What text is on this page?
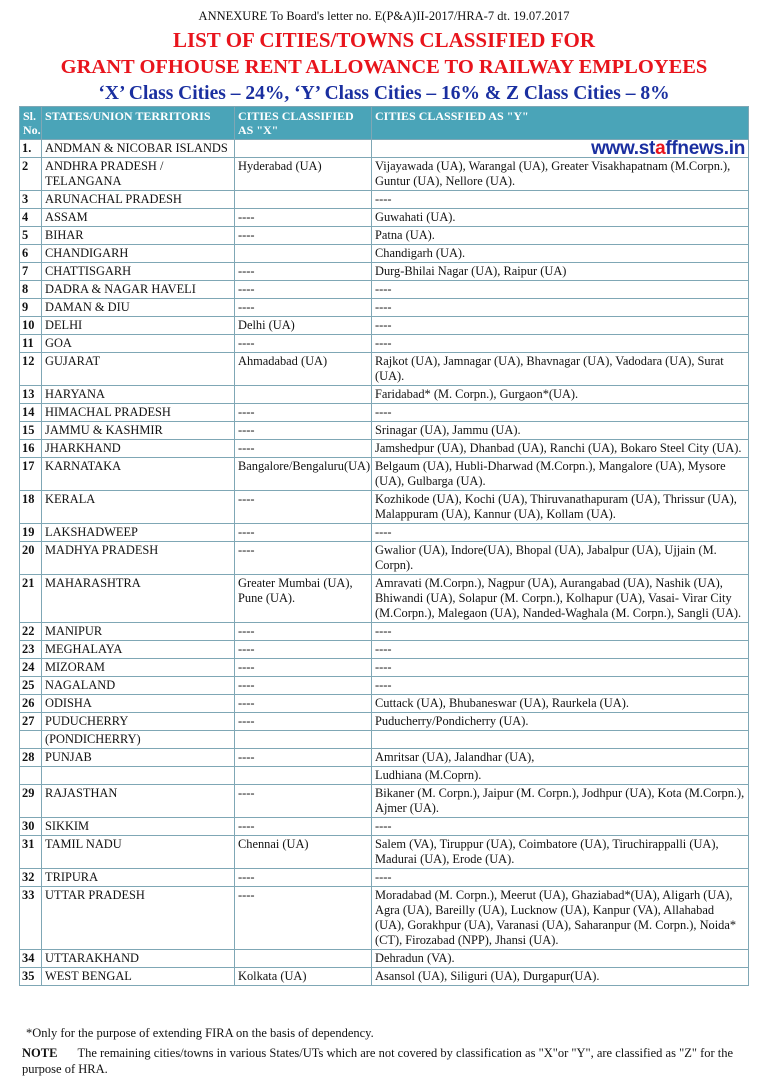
ANNEXURE To Board's letter no. E(P&A)II-2017/HRA-7 dt. 19.07.2017
LIST OF CITIES/TOWNS CLASSIFIED FOR
GRANT OFHOUSE RENT ALLOWANCE TO RAILWAY EMPLOYEES
‘X’ Class Cities – 24%, ‘Y’ Class Cities – 16% & Z Class Cities – 8%
Sl. No.	STATES/UNION TERRITORIS	CITIES CLASSIFIED AS "X"	CITIES CLASSFIED AS "Y"
1.	ANDMAN & NICOBAR ISLANDS		www.staffnews.in
2	ANDHRA PRADESH / TELANGANA	Hyderabad (UA)	Vijayawada (UA), Warangal (UA), Greater Visakhapatnam (M.Corpn.), Guntur (UA), Nellore (UA).
3	ARUNACHAL PRADESH		----
4	ASSAM	----	Guwahati (UA).
5	BIHAR	----	Patna (UA).
6	CHANDIGARH		Chandigarh (UA).
7	CHATTISGARH	----	Durg-Bhilai Nagar (UA), Raipur (UA)
8	DADRA & NAGAR HAVELI	----	----
9	DAMAN & DIU	----	----
10	DELHI	Delhi (UA)	----
11	GOA	----	----
12	GUJARAT	Ahmadabad (UA)	Rajkot (UA), Jamnagar (UA), Bhavnagar (UA), Vadodara (UA), Surat (UA).
13	HARYANA		Faridabad* (M. Corpn.), Gurgaon*(UA).
14	HIMACHAL PRADESH	----	----
15	JAMMU & KASHMIR	----	Srinagar (UA), Jammu (UA).
16	JHARKHAND	----	Jamshedpur (UA), Dhanbad (UA), Ranchi (UA), Bokaro Steel City (UA).
17	KARNATAKA	Bangalore/Bengaluru(UA)	Belgaum (UA), Hubli-Dharwad (M.Corpn.), Mangalore (UA), Mysore (UA), Gulbarga (UA).
18	KERALA	----	Kozhikode (UA), Kochi (UA), Thiruvanathapuram (UA), Thrissur (UA), Malappuram (UA), Kannur (UA), Kollam (UA).
19	LAKSHADWEEP	----	----
20	MADHYA PRADESH	----	Gwalior (UA), Indore(UA), Bhopal (UA), Jabalpur (UA), Ujjain (M. Corpn).
21	MAHARASHTRA	Greater Mumbai (UA), Pune (UA).	Amravati (M.Corpn.), Nagpur (UA), Aurangabad (UA), Nashik (UA), Bhiwandi (UA), Solapur (M. Corpn.), Kolhapur (UA), Vasai- Virar City (M.Corpn.), Malegaon (UA), Nanded-Waghala (M. Corpn.), Sangli (UA).
22	MANIPUR	----	----
23	MEGHALAYA	----	----
24	MIZORAM	----	----
25	NAGALAND	----	----
26	ODISHA	----	Cuttack (UA), Bhubaneswar (UA), Raurkela (UA).
27	PUDUCHERRY	----	Puducherry/Pondicherry (UA).
	(PONDICHERRY)		
28	PUNJAB	----	Amritsar (UA), Jalandhar (UA),
			Ludhiana (M.Coprn).
29	RAJASTHAN	----	Bikaner (M. Corpn.), Jaipur (M. Corpn.), Jodhpur (UA), Kota (M.Corpn.), Ajmer (UA).
30	SIKKIM	----	----
31	TAMIL NADU	Chennai (UA)	Salem (VA), Tiruppur (UA), Coimbatore (UA), Tiruchirappalli (UA), Madurai (UA), Erode (UA).
32	TRIPURA	----	----
33	UTTAR PRADESH	----	Moradabad (M. Corpn.), Meerut (UA), Ghaziabad*(UA), Aligarh (UA), Agra (UA), Bareilly (UA), Lucknow (UA), Kanpur (VA), Allahabad (UA), Gorakhpur (UA), Varanasi (UA), Saharanpur (M. Corpn.), Noida* (CT), Firozabad (NPP), Jhansi (UA).
34	UTTARAKHAND		Dehradun (VA).
35	WEST BENGAL	Kolkata (UA)	Asansol (UA), Siliguri (UA), Durgapur(UA).
*Only for the purpose of extending FIRA on the basis of dependency.
NOTE The remaining cities/towns in various States/UTs which are not covered by classification as "X"or "Y", are classified as "Z" for the purpose of HRA.
